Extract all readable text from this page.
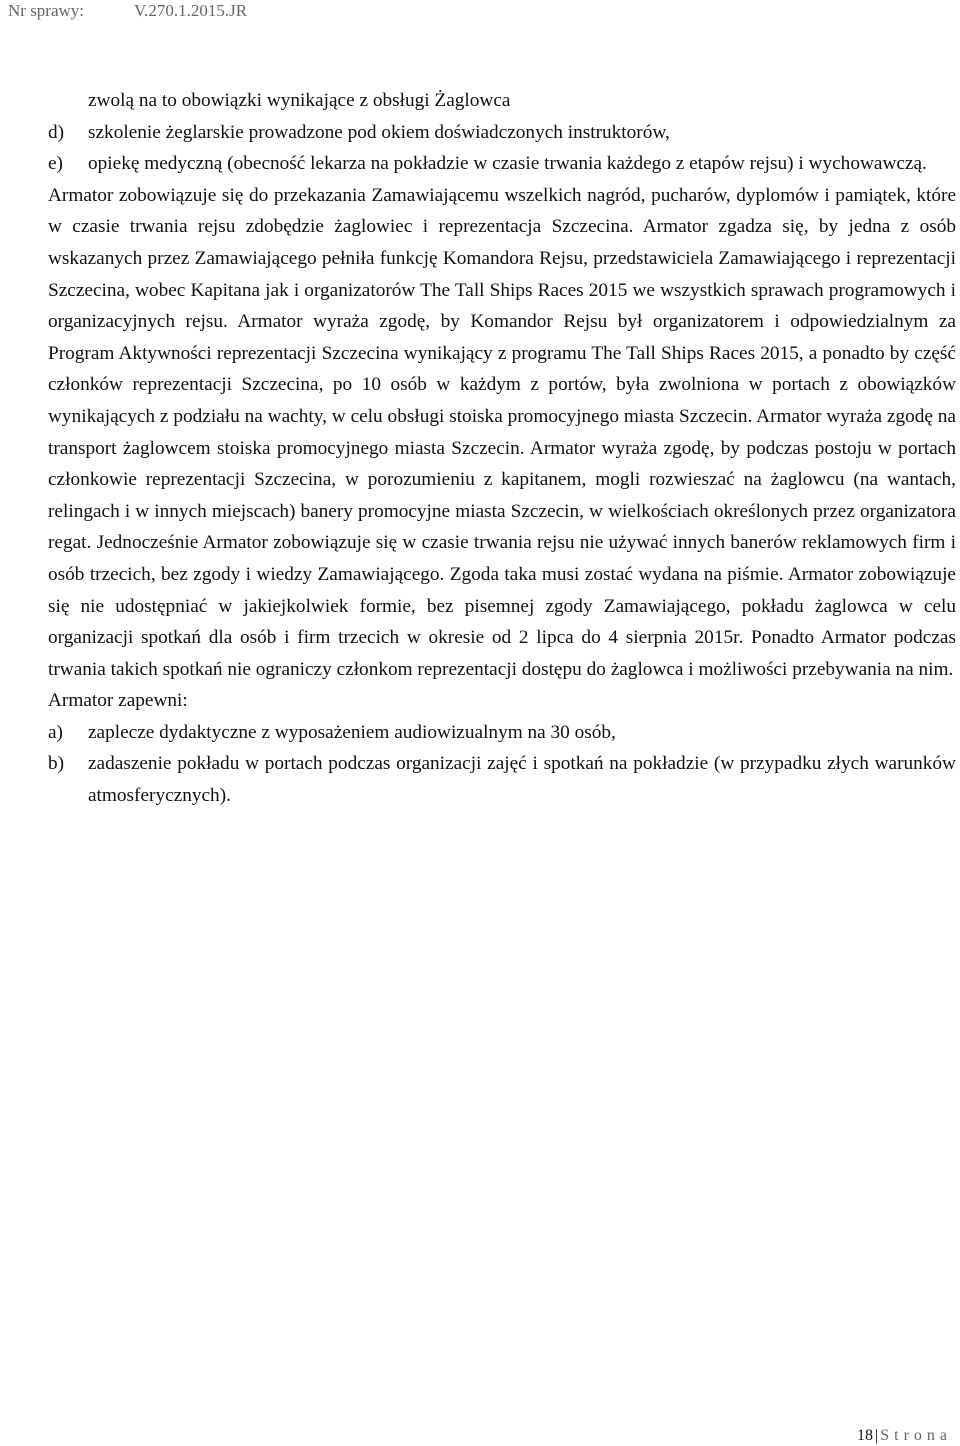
Nr sprawy:	V.270.1.2015.JR

zwolą na to obowiązki wynikające z obsługi Żaglowca

d)	szkolenie żeglarskie prowadzone pod okiem doświadczonych instruktorów,
e)	opiekę medyczną (obecność lekarza na pokładzie w czasie trwania każdego z etapów rejsu) i wychowawczą.

Armator zobowiązuje się do przekazania Zamawiającemu wszelkich nagród, pucharów, dyplomów i pamiątek, które w czasie trwania rejsu zdobędzie żaglowiec i reprezentacja Szczecina. Armator zgadza się, by jedna z osób wskazanych przez Zamawiającego pełniła funkcję Komandora Rejsu, przedstawiciela Zamawiającego i reprezentacji Szczecina, wobec Kapitana jak i organizatorów The Tall Ships Races 2015 we wszystkich sprawach programowych i organizacyjnych rejsu. Armator wyraża zgodę, by Komandor Rejsu był organizatorem i odpowiedzialnym za Program Aktywności reprezentacji Szczecina wynikający z programu The Tall Ships Races 2015, a ponadto by część członków reprezentacji Szczecina, po 10 osób w każdym z portów, była zwolniona w portach z obowiązków wynikających z podziału na wachty, w celu obsługi stoiska promocyjnego miasta Szczecin. Armator wyraża zgodę na transport żaglowcem stoiska promocyjnego miasta Szczecin. Armator wyraża zgodę, by podczas postoju w portach członkowie reprezentacji Szczecina, w porozumieniu z kapitanem, mogli rozwieszać na żaglowcu (na wantach, relingach i w innych miejscach) banery promocyjne miasta Szczecin, w wielkościach określonych przez organizatora regat. Jednocześnie Armator zobowiązuje się w czasie trwania rejsu nie używać innych banerów reklamowych firm i osób trzecich, bez zgody i wiedzy Zamawiającego. Zgoda taka musi zostać wydana na piśmie. Armator zobowiązuje się nie udostępniać w jakiejkolwiek formie, bez pisemnej zgody Zamawiającego, pokładu żaglowca w celu organizacji spotkań dla osób i firm trzecich w okresie od 2 lipca do 4 sierpnia 2015r. Ponadto Armator podczas trwania takich spotkań nie ograniczy członkom reprezentacji dostępu do żaglowca i możliwości przebywania na nim.

Armator zapewni:

a)	zaplecze dydaktyczne z wyposażeniem audiowizualnym na 30 osób,
b)	zadaszenie pokładu w portach podczas organizacji zajęć i spotkań na pokładzie (w przypadku złych warunków atmosferycznych).
18 | Strona
